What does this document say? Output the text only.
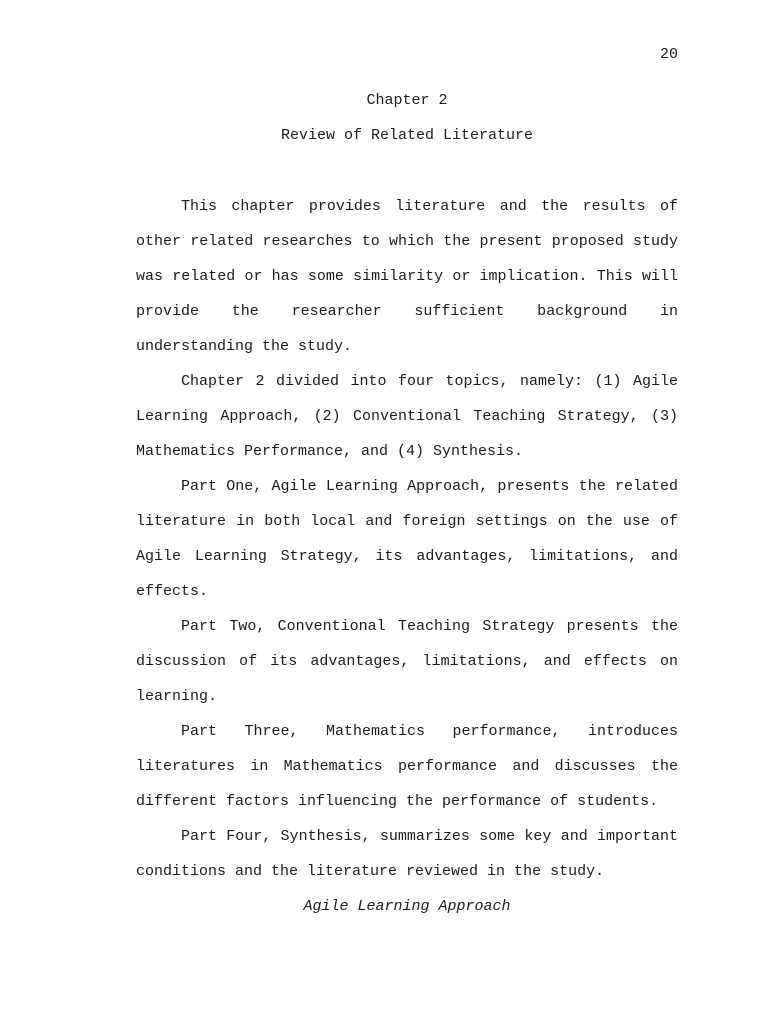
20
Chapter 2
Review of Related Literature

This chapter provides literature and the results of other related researches to which the present proposed study was related or has some similarity or implication. This will provide the researcher sufficient background in understanding the study.

Chapter 2 divided into four topics, namely: (1) Agile Learning Approach, (2) Conventional Teaching Strategy, (3) Mathematics Performance, and (4) Synthesis.

Part One, Agile Learning Approach, presents the related literature in both local and foreign settings on the use of Agile Learning Strategy, its advantages, limitations, and effects.

Part Two, Conventional Teaching Strategy presents the discussion of its advantages, limitations, and effects on learning.

Part Three, Mathematics performance, introduces literatures in Mathematics performance and discusses the different factors influencing the performance of students.

Part Four, Synthesis, summarizes some key and important conditions and the literature reviewed in the study.

Agile Learning Approach
